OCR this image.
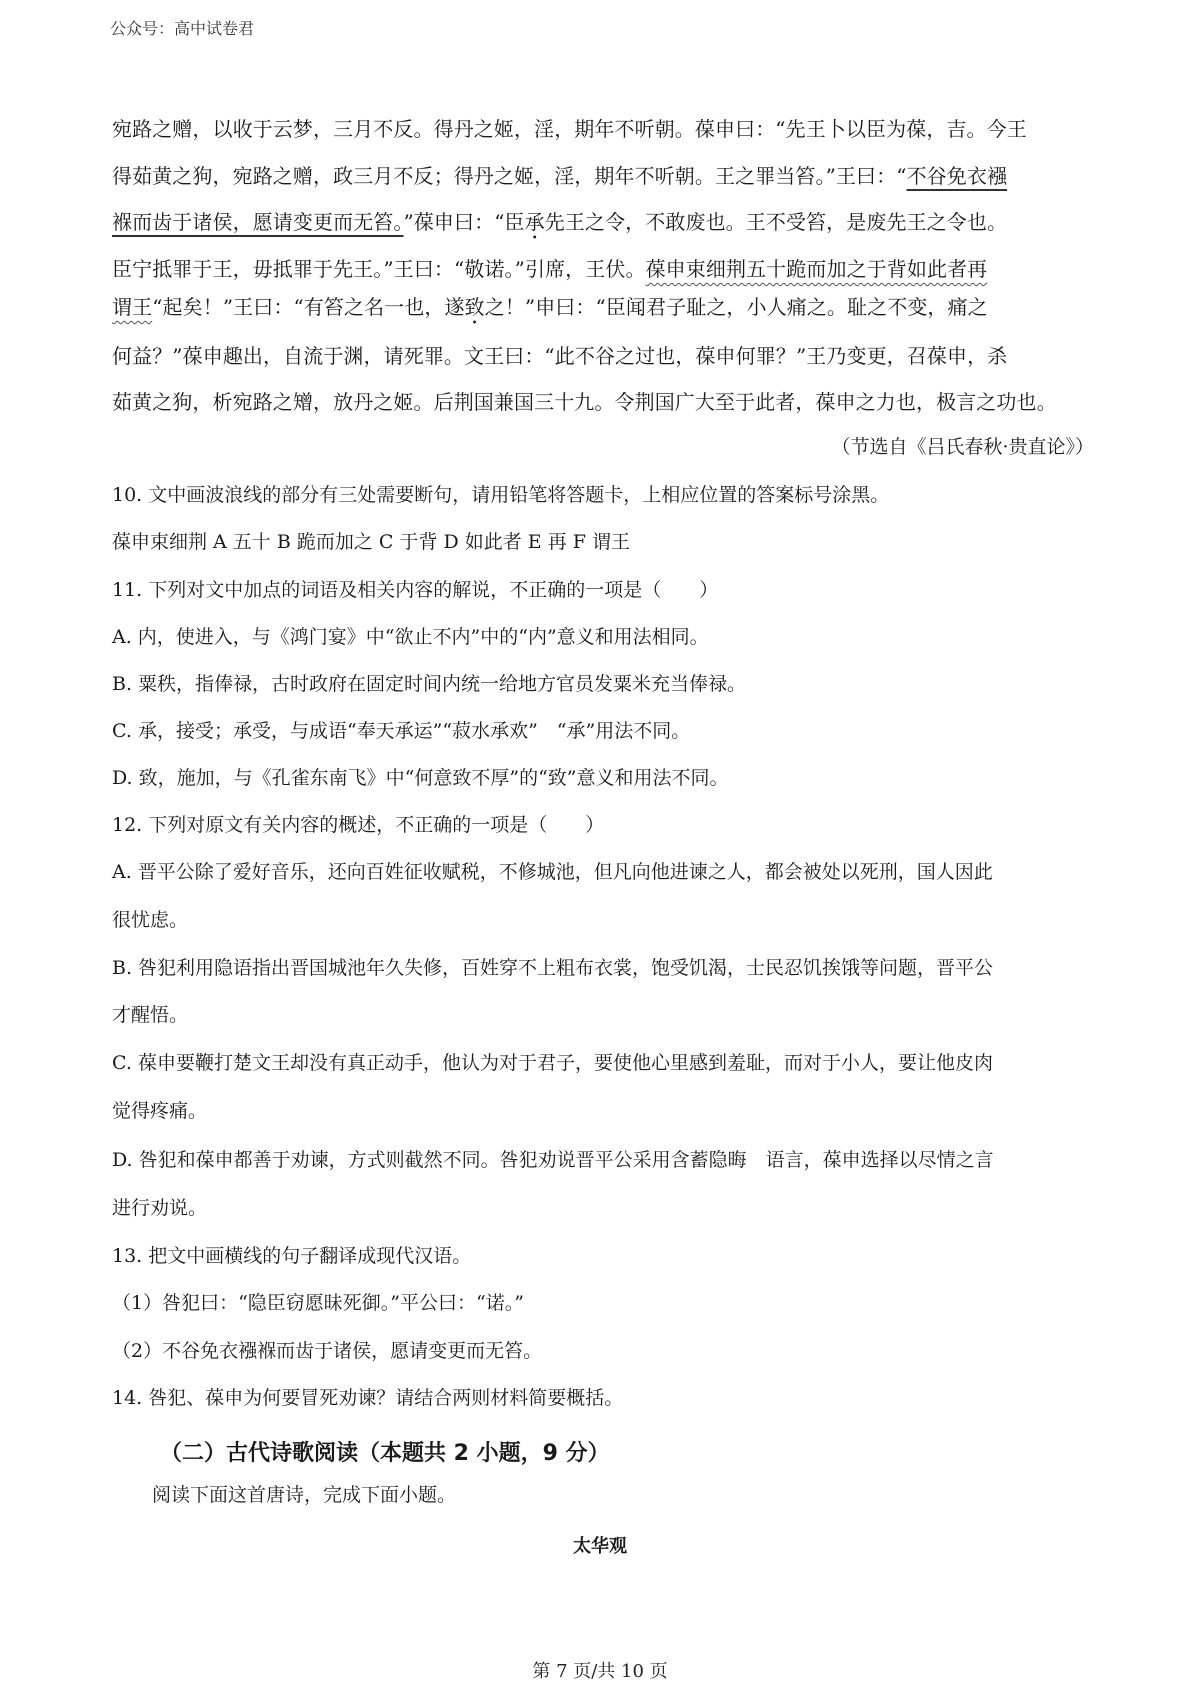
公众号：高中试卷君
宛路之赠，以收于云梦，三月不反。得丹之姬，淫，期年不听朝。葆申曰：“先王卜以臣为葆，吉。今王
得茹黄之狗，宛路之赠，政三月不反；得丹之姬，淫，期年不听朝。王之罪当笞。”王曰：“不谷免衣襁
褓而齿于诸侯，愿请变更而无笞。”葆申曰：“臣承先王之令，不敢废也。王不受笞，是废先王之令也。
臣宁抵罪于王，毋抵罪于先王。”王曰：“敬诺。”引席，王伏。葆申束细荆五十跪而加之于背如此者再
谓王“起矣！”王曰：“有笞之名一也，遂致之！”申曰：“臣闻君子耻之，小人痛之。耻之不变，痛之
何益？”葆申趣出，自流于渊，请死罪。文王曰：“此不谷之过也，葆申何罪？”王乃变更，召葆申，杀
茹黄之狗，析宛路之矰，放丹之姬。后荆国兼国三十九。令荆国广大至于此者，葆申之力也，极言之功也。
（节选自《吕氏春秋·贵直论》）
10. 文中画波浪线的部分有三处需要断句，请用铅笔将答题卡，上相应位置的答案标号涂黑。
葆申束细荆 A 五十 B 跪而加之 C 于背 D 如此者 E 再 F 谓王
11. 下列对文中加点的词语及相关内容的解说，不正确的一项是（　　）
A. 内，使进入，与《鸿门宴》中“欲止不内”中的“内”意义和用法相同。
B. 粟秩，指俸禄，古时政府在固定时间内统一给地方官员发粟米充当俸禄。
C. 承，接受；承受，与成语“奉天承运”“菽水承欢”　“承”用法不同。
D. 致，施加，与《孔雀东南飞》中“何意致不厚”的“致”意义和用法不同。
12. 下列对原文有关内容的概述，不正确的一项是（　　）
A. 晋平公除了爱好音乐，还向百姓征收赋税，不修城池，但凡向他进谏之人，都会被处以死刑，国人因此
很忧虑。
B. 咎犯利用隐语指出晋国城池年久失修，百姓穿不上粗布衣裳，饱受饥渴，士民忍饥挨饿等问题，晋平公
才醒悟。
C. 葆申要鞭打楚文王却没有真正动手，他认为对于君子，要使他心里感到羞耻，而对于小人，要让他皮肉
觉得疼痛。
D. 咎犯和葆申都善于劝谏，方式则截然不同。咎犯劝说晋平公采用含蓄隐晦　语言，葆申选择以尽情之言
进行劝说。
13. 把文中画横线的句子翻译成现代汉语。
（1）咎犯曰：“隐臣窃愿昧死御。”平公曰：“诺。”
（2）不谷免衣襁褓而齿于诸侯，愿请变更而无笞。
14. 咎犯、葆申为何要冒死劝谏？请结合两则材料简要概括。
（二）古代诗歌阅读（本题共 2 小题，9 分）
阅读下面这首唐诗，完成下面小题。
太华观
第 7 页/共 10 页
